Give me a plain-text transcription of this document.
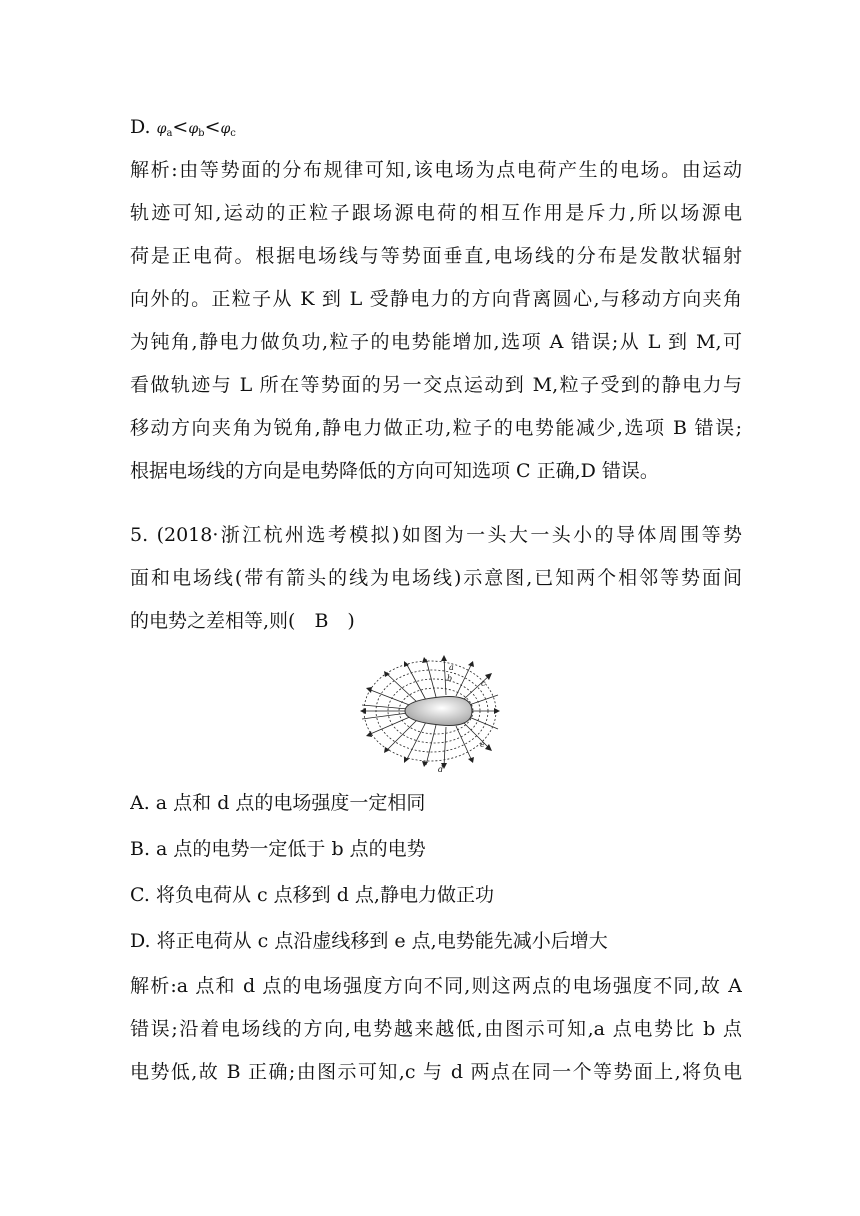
D. $\varphi_a<\varphi_b<\varphi_c$
解析:由等势面的分布规律可知,该电场为点电荷产生的电场。由运动
轨迹可知,运动的正粒子跟场源电荷的相互作用是斥力,所以场源电
荷是正电荷。根据电场线与等势面垂直,电场线的分布是发散状辐射
向外的。正粒子从 K 到 L 受静电力的方向背离圆心,与移动方向夹角
为钝角,静电力做负功,粒子的电势能增加,选项 A 错误;从 L 到 M,可
看做轨迹与 L 所在等势面的另一交点运动到 M,粒子受到的静电力与
移动方向夹角为锐角,静电力做正功,粒子的电势能减少,选项 B 错误;
根据电场线的方向是电势降低的方向可知选项 C 正确,D 错误。
5. (2018·浙江杭州选考模拟)如图为一头大一头小的导体周围等势
面和电场线(带有箭头的线为电场线)示意图,已知两个相邻等势面间
的电势之差相等,则(　B　)
a
b
c
d
e
A. a 点和 d 点的电场强度一定相同
B. a 点的电势一定低于 b 点的电势
C. 将负电荷从 c 点移到 d 点,静电力做正功
D. 将正电荷从 c 点沿虚线移到 e 点,电势能先减小后增大
解析:a 点和 d 点的电场强度方向不同,则这两点的电场强度不同,故 A
错误;沿着电场线的方向,电势越来越低,由图示可知,a 点电势比 b 点
电势低,故 B 正确;由图示可知,c 与 d 两点在同一个等势面上,将负电
